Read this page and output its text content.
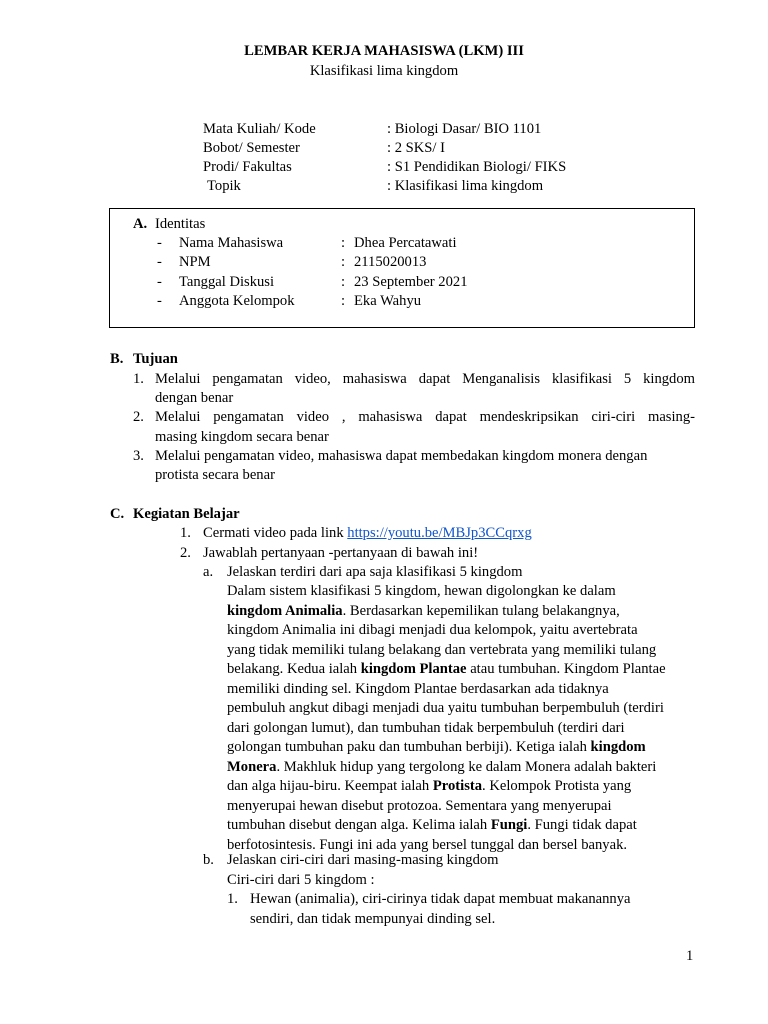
LEMBAR KERJA MAHASISWA (LKM) III
Klasifikasi lima kingdom
Mata Kuliah/ Kode	: Biologi Dasar/ BIO 1101
Bobot/ Semester	: 2 SKS/ I
Prodi/ Fakultas	: S1 Pendidikan Biologi/ FIKS
Topik	: Klasifikasi lima kingdom
A. Identitas
- Nama Mahasiswa	: Dhea Percatawati
- NPM	: 2115020013
- Tanggal Diskusi	: 23 September 2021
- Anggota Kelompok	: Eka Wahyu
B. Tujuan
1. Melalui pengamatan video, mahasiswa dapat Menganalisis klasifikasi 5 kingdom
dengan benar
2. Melalui pengamatan video , mahasiswa dapat mendeskripsikan ciri-ciri masing-
masing kingdom secara benar
3. Melalui pengamatan video, mahasiswa dapat membedakan kingdom monera dengan
protista secara benar
C. Kegiatan Belajar
1. Cermati video pada link https://youtu.be/MBJp3CCqrxg
2. Jawablah pertanyaan -pertanyaan di bawah ini!
a. Jelaskan terdiri dari apa saja klasifikasi 5 kingdom
Dalam sistem klasifikasi 5 kingdom, hewan digolongkan ke dalam
kingdom Animalia. Berdasarkan kepemilikan tulang belakangnya,
kingdom Animalia ini dibagi menjadi dua kelompok, yaitu avertebrata
yang tidak memiliki tulang belakang dan vertebrata yang memiliki tulang
belakang. Kedua ialah kingdom Plantae atau tumbuhan. Kingdom Plantae
memiliki dinding sel. Kingdom Plantae berdasarkan ada tidaknya
pembuluh angkut dibagi menjadi dua yaitu tumbuhan berpembuluh (terdiri
dari golongan lumut), dan tumbuhan tidak berpembuluh (terdiri dari
golongan tumbuhan paku dan tumbuhan berbiji). Ketiga ialah kingdom
Monera. Makhluk hidup yang tergolong ke dalam Monera adalah bakteri
dan alga hijau-biru. Keempat ialah Protista. Kelompok Protista yang
menyerupai hewan disebut protozoa. Sementara yang menyerupai
tumbuhan disebut dengan alga. Kelima ialah Fungi. Fungi tidak dapat
berfotosintesis. Fungi ini ada yang bersel tunggal dan bersel banyak.
b. Jelaskan ciri-ciri dari masing-masing kingdom
Ciri-ciri dari 5 kingdom :
1. Hewan (animalia), ciri-cirinya tidak dapat membuat makanannya
sendiri, dan tidak mempunyai dinding sel.
1
